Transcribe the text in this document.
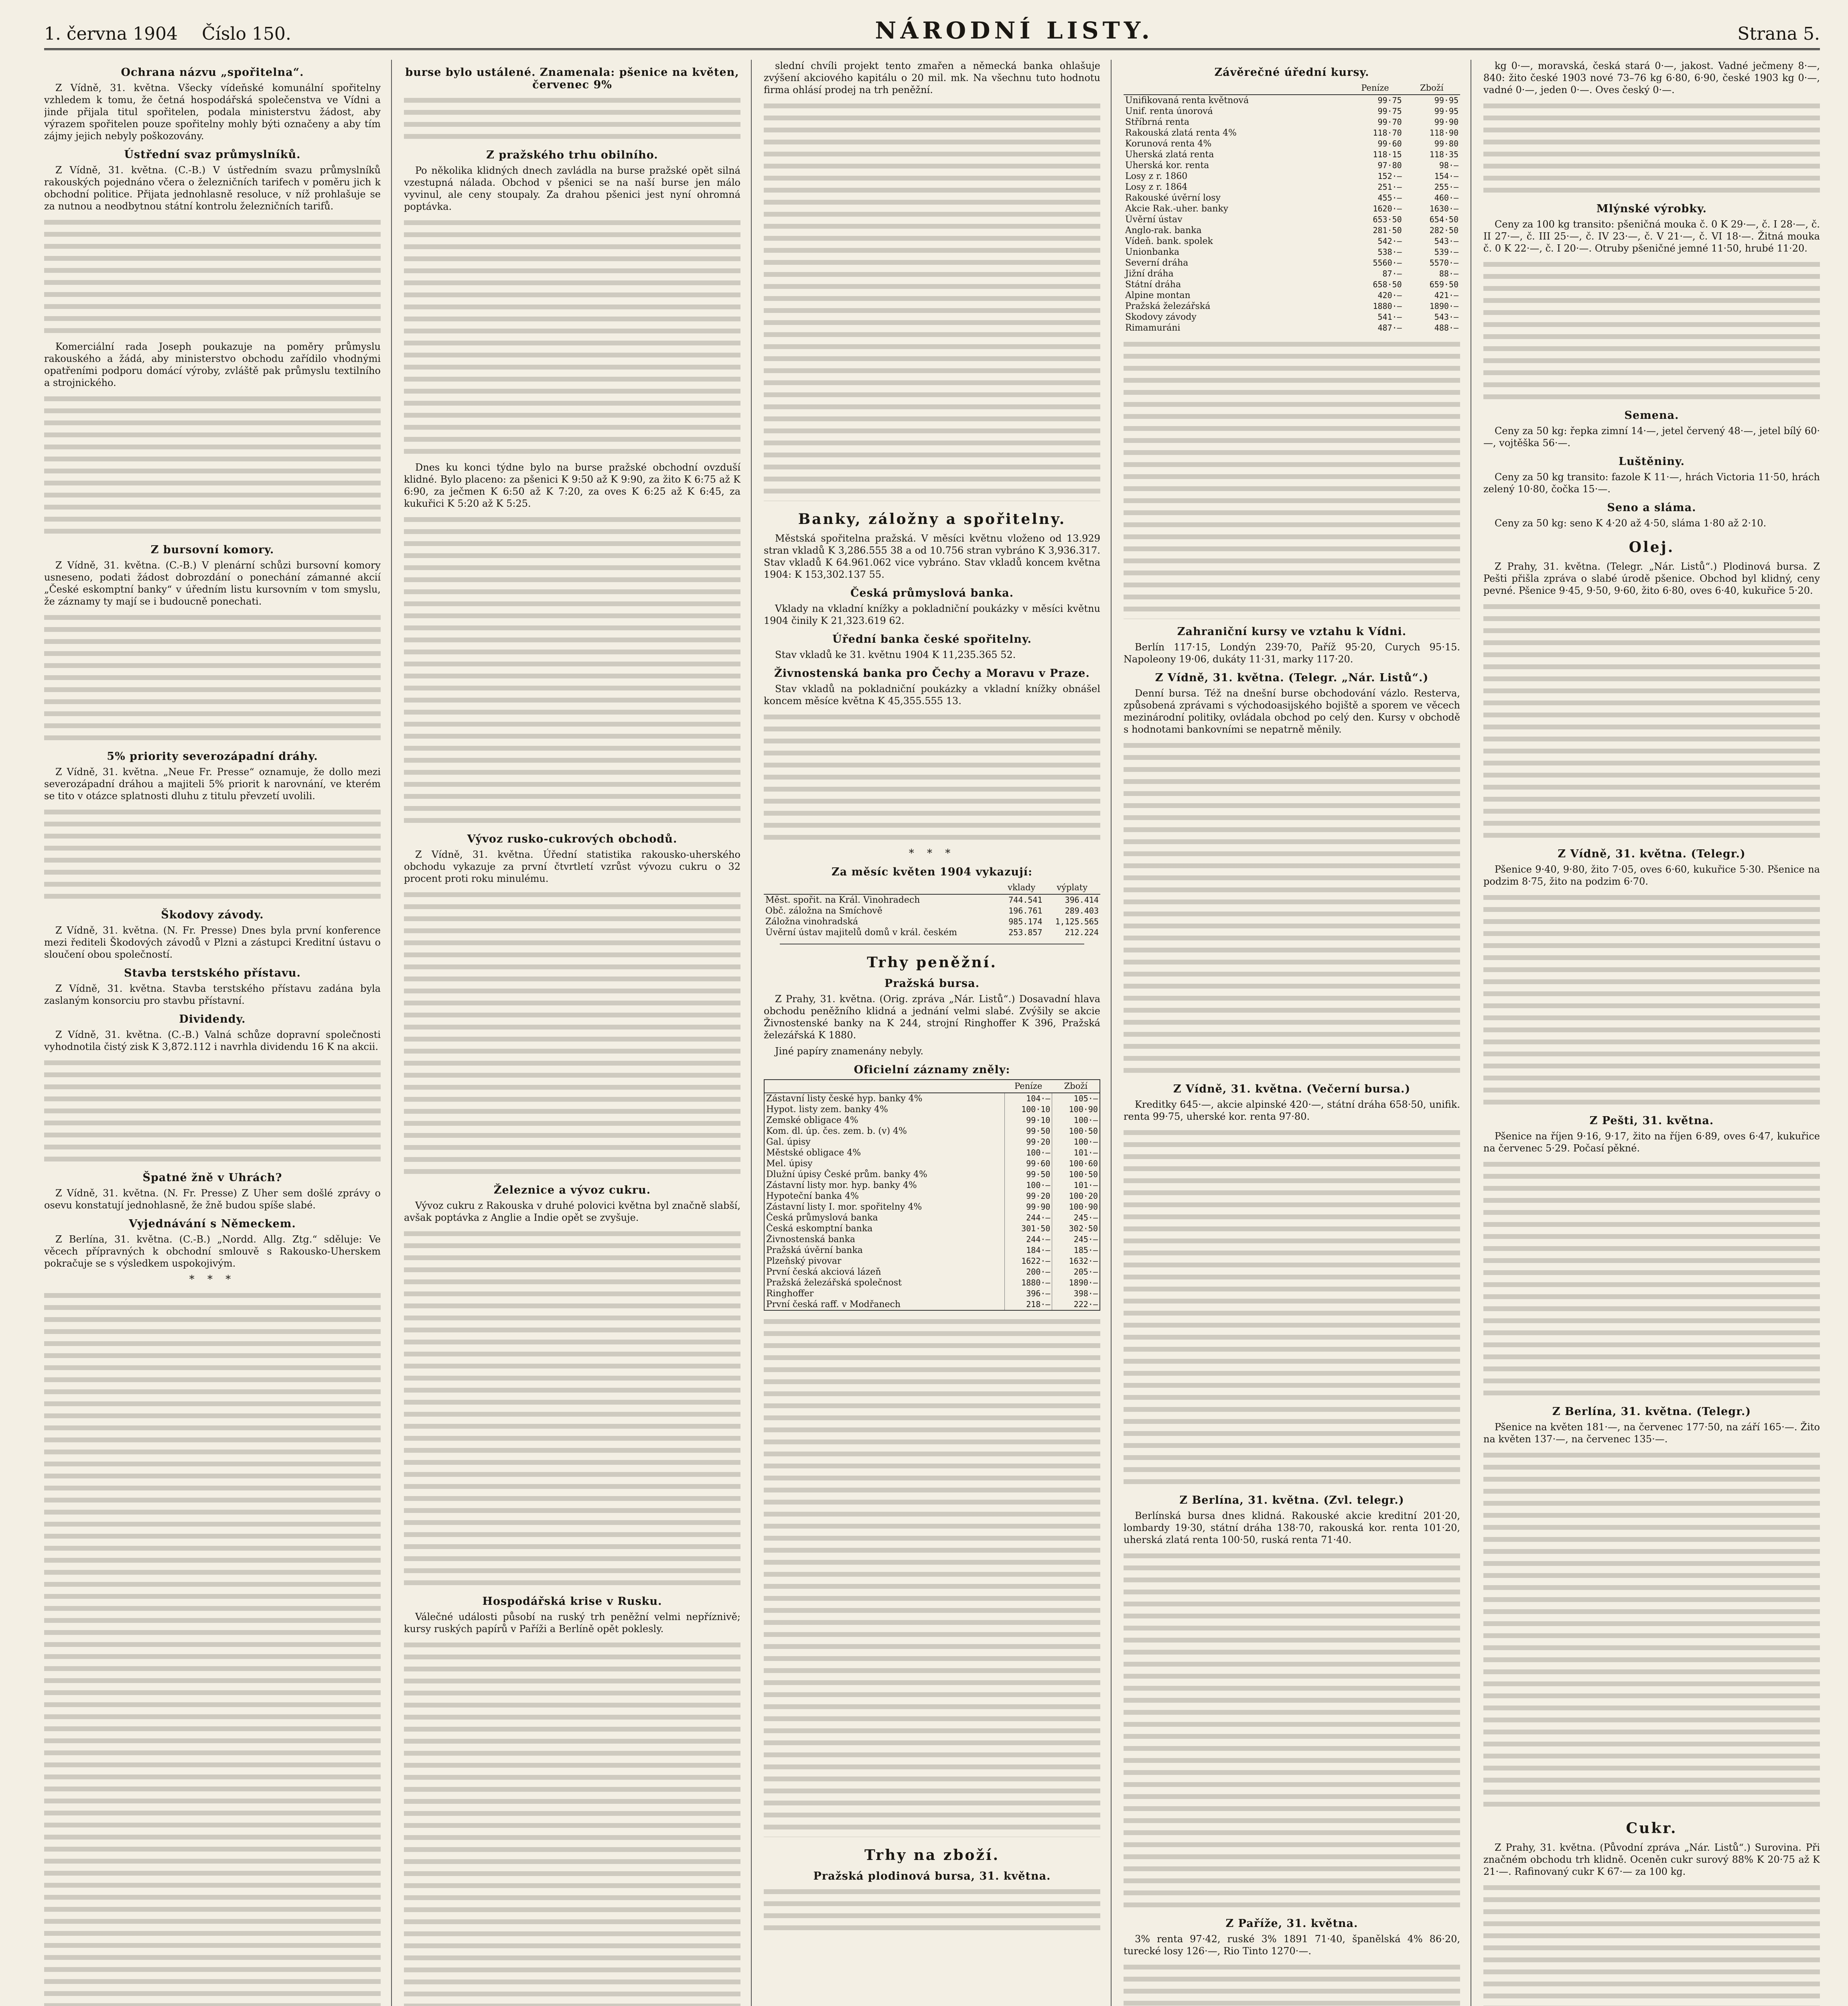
1. června 1904 Číslo 150.	NÁRODNÍ LISTY.	Strana 5.
Ochrana názvu „spořitelna“.

Z Vídně, 31. května. Všecky vídeňské komunální spořitelny vzhledem k tomu, že četná hospodářská společenstva ve Vídni a jinde přijala titul spořitelen, podala ministerstvu žádost, aby výrazem spořitelen pouze spořitelny mohly býti označeny a aby tím zájmy jejich nebyly poškozovány.

Ústřední svaz průmyslníků.

Z Vídně, 31. května. (C.-B.) V ústředním svazu průmyslníků rakouských pojednáno včera o železničních tarifech v poměru jich k obchodní politice. Přijata jednohlasně resoluce, v níž prohlašuje se za nutnou a neodbytnou státní kontrolu železničních tarifů.

Komerciální rada Joseph poukazuje na poměry průmyslu rakouského a žádá, aby ministerstvo obchodu zařídilo vhodnými opatřeními podporu domácí výroby, zvláště pak průmyslu textilního a strojnického.

Z bursovní komory.

Z Vídně, 31. května. (C.-B.) V plenární schůzi bursovní komory usneseno, podati žádost dobrozdání o ponechání zámanné akcií „České eskomptní banky“ v úředním listu kursovním v tom smyslu, že záznamy ty mají se i budoucně ponechati.

5% priority severozápadní dráhy.

Z Vídně, 31. května. „Neue Fr. Presse“ oznamuje, že dollo mezi severozápadní dráhou a majiteli 5% priorit k narovnání, ve kterém se tito v otázce splatnosti dluhu z titulu převzetí uvolili.

Škodovy závody.

Z Vídně, 31. května. (N. Fr. Presse) Dnes byla první konference mezi řediteli Škodových závodů v Plzni a zástupci Kreditní ústavu o sloučení obou společností.

Stavba terstského přístavu.

Z Vídně, 31. května. Stavba terstského přístavu zadána byla zaslaným konsorciu pro stavbu přístavní.

Dividendy.

Z Vídně, 31. května. (C.-B.) Valná schůze dopravní společnosti vyhodnotila čistý zisk K 3,872.112 i navrhla dividendu 16 K na akcii.

Špatné žně v Uhrách?

Z Vídně, 31. května. (N. Fr. Presse) Z Uher sem došlé zprávy o osevu konstatují jednohlasně, že žně budou spíše slabé.

Vyjednávání s Německem.

Z Berlína, 31. května. (C.-B.) „Nordd. Allg. Ztg.“ sděluje: Ve věcech přípravných k obchodní smlouvě s Rakousko-Uherskem pokračuje se s výsledkem uspokojivým.

* * *
burse bylo ustálené. Znamenala: pšenice na květen, červenec 9%
Z pražského trhu obilního.

Po několika klidných dnech zavládla na burse pražské opět silná vzestupná nálada. Obchod v pšenici se na naší burse jen málo vyvinul, ale ceny stoupaly. Za drahou pšenici jest nyní ohromná poptávka.

Dnes ku konci týdne bylo na burse pražské obchodní ovzduší klidné. Bylo placeno: za pšenici K 9:50 až K 9:90, za žito K 6:75 až K 6:90, za ječmen K 6:50 až K 7:20, za oves K 6:25 až K 6:45, za kukuřici K 5:20 až K 5:25.

Vývoz rusko-cukrových obchodů.

Z Vídně, 31. května. Úřední statistika rakousko-uherského obchodu vykazuje za první čtvrtletí vzrůst vývozu cukru o 32 procent proti roku minulému.

Železnice a vývoz cukru.

Vývoz cukru z Rakouska v druhé polovici května byl značně slabší, avšak poptávka z Anglie a Indie opět se zvyšuje.

Hospodářská krise v Rusku.

Válečné události působí na ruský trh peněžní velmi nepříznivě; kursy ruských papírů v Paříži a Berlíně opět poklesly.

slední chvíli projekt tento zmařen a německá banka ohlašuje zvýšení akciového kapitálu o 20 mil. mk. Na všechnu tuto hodnotu firma ohlásí prodej na trh peněžní.

Banky, záložny a spořitelny.

Městská spořitelna pražská. V měsíci květnu vloženo od 13.929 stran vkladů K 3,286.555 38 a od 10.756 stran vybráno K 3,936.317. Stav vkladů K 64.961.062 vice vybráno. Stav vkladů koncem května 1904: K 153,302.137 55.

Česká průmyslová banka.

Vklady na vkladní knížky a pokladniční poukázky v měsíci květnu 1904 činily K 21,323.619 62.

Úřední banka české spořitelny.

Stav vkladů ke 31. květnu 1904 K 11,235.365 52.

Živnostenská banka pro Čechy a Moravu v Praze.

Stav vkladů na pokladniční poukázky a vkladní knížky obnášel koncem měsíce května K 45,355.555 13.

* * *
Za měsíc květen 1904 vykazují:
	vklady	výplaty
Měst. spořit. na Král. Vinohradech	744.541	396.414
Obč. záložna na Smíchově	196.761	289.403
Záložna vinohradská	985.174	1,125.565
Úvěrní ústav majitelů domů v král. českém	253.857	212.224
Trhy peněžní.
Pražská bursa.

Z Prahy, 31. května. (Orig. zpráva „Nár. Listů“.) Dosavadní hlava obchodu peněžního klidná a jednání velmi slabé. Zvýšily se akcie Živnostenské banky na K 244, strojní Ringhoffer K 396, Pražská železářská K 1880.

Jiné papíry znamenány nebyly.

Oficielní záznamy zněly:
	Peníze	Zboží
Zástavní listy české hyp. banky 4%	104·—	105·—
Hypot. listy zem. banky 4%	100·10	100·90
Zemské obligace 4%	99·10	100·—
Kom. dl. úp. čes. zem. b. (v) 4%	99·50	100·50
Gal. úpisy	99·20	100·—
Městské obligace 4%	100·—	101·—
Mel. úpisy	99·60	100·60
Dlužní úpisy České prům. banky 4%	99·50	100·50
Zástavní listy mor. hyp. banky 4%	100·—	101·—
Hypoteční banka 4%	99·20	100·20
Zástavní listy I. mor. spořitelny 4%	99·90	100·90
Česká průmyslová banka	244·—	245·—
Česká eskomptní banka	301·50	302·50
Živnostenská banka	244·—	245·—
Pražská úvěrní banka	184·—	185·—
Plzeňský pivovar	1622·—	1632·—
První česká akciová lázeň	200·—	205·—
Pražská železářská společnost	1880·—	1890·—
Ringhoffer	396·—	398·—
První česká raff. v Modřanech	218·—	222·—
Trhy na zboží.
Pražská plodinová bursa, 31. května.
Závěrečné úřední kursy.
	Peníze	Zboží
Unifikovaná renta květnová	99·75	99·95
Unif. renta únorová	99·75	99·95
Stříbrná renta	99·70	99·90
Rakouská zlatá renta 4%	118·70	118·90
Korunová renta 4%	99·60	99·80
Uherská zlatá renta	118·15	118·35
Uherská kor. renta	97·80	98·—
Losy z r. 1860	152·—	154·—
Losy z r. 1864	251·—	255·—
Rakouské úvěrní losy	455·—	460·—
Akcie Rak.-uher. banky	1620·—	1630·—
Úvěrní ústav	653·50	654·50
Anglo-rak. banka	281·50	282·50
Vídeň. bank. spolek	542·—	543·—
Unionbanka	538·—	539·—
Severní dráha	5560·—	5570·—
Jižní dráha	87·—	88·—
Státní dráha	658·50	659·50
Alpine montan	420·—	421·—
Pražská železářská	1880·—	1890·—
Skodovy závody	541·—	543·—
Rimamuráni	487·—	488·—
Zahraniční kursy ve vztahu k Vídni.

Berlín 117·15, Londýn 239·70, Paříž 95·20, Curych 95·15. Napoleony 19·06, dukáty 11·31, marky 117·20.

Z Vídně, 31. května. (Telegr. „Nár. Listů“.)

Denní bursa. Též na dnešní burse obchodování vázlo. Resterva, způsobená zprávami s východoasijského bojiště a sporem ve věcech mezinárodní politiky, ovládala obchod po celý den. Kursy v obchodě s hodnotami bankovními se nepatrně měnily.

Z Vídně, 31. května. (Večerní bursa.)

Kreditky 645·—, akcie alpinské 420·—, státní dráha 658·50, unifik. renta 99·75, uherské kor. renta 97·80.

Z Berlína, 31. května. (Zvl. telegr.)

Berlínská bursa dnes klidná. Rakouské akcie kreditní 201·20, lombardy 19·30, státní dráha 138·70, rakouská kor. renta 101·20, uherská zlatá renta 100·50, ruská renta 71·40.

Z Paříže, 31. května.

3% renta 97·42, ruské 3% 1891 71·40, španělská 4% 86·20, turecké losy 126·—, Rio Tinto 1270·—.

kg 0·—, moravská, česká stará 0·—, jakost. Vadné ječmeny 8·—, 840: žito české 1903 nové 73–76 kg 6·80, 6·90, české 1903 kg 0·—, vadné 0·—, jeden 0·—. Oves český 0·—.

Mlýnské výrobky.

Ceny za 100 kg transito: pšeničná mouka č. 0 K 29·—, č. I 28·—, č. II 27·—, č. III 25·—, č. IV 23·—, č. V 21·—, č. VI 18·—. Žitná mouka č. 0 K 22·—, č. I 20·—. Otruby pšeničné jemné 11·50, hrubé 11·20.

Semena.

Ceny za 50 kg: řepka zimní 14·—, jetel červený 48·—, jetel bílý 60·—, vojtěška 56·—.

Luštěniny.

Ceny za 50 kg transito: fazole K 11·—, hrách Victoria 11·50, hrách zelený 10·80, čočka 15·—.

Seno a sláma.

Ceny za 50 kg: seno K 4·20 až 4·50, sláma 1·80 až 2·10.

Olej.

Z Prahy, 31. května. (Telegr. „Nár. Listů“.) Plodinová bursa. Z Pešti přišla zpráva o slabé úrodě pšenice. Obchod byl klidný, ceny pevné. Pšenice 9·45, 9·50, 9·60, žito 6·80, oves 6·40, kukuřice 5·20.

Z Vídně, 31. května. (Telegr.)

Pšenice 9·40, 9·80, žito 7·05, oves 6·60, kukuřice 5·30. Pšenice na podzim 8·75, žito na podzim 6·70.

Z Pešti, 31. května.

Pšenice na říjen 9·16, 9·17, žito na říjen 6·89, oves 6·47, kukuřice na červenec 5·29. Počasí pěkné.

Z Berlína, 31. května. (Telegr.)

Pšenice na květen 181·—, na červenec 177·50, na září 165·—. Žito na květen 137·—, na červenec 135·—.

Cukr.

Z Prahy, 31. května. (Původní zpráva „Nár. Listů“.) Surovina. Při značném obchodu trh klidně. Oceněn cukr surový 88% K 20·75 až K 21·—. Rafinovaný cukr K 67·— za 100 kg.
